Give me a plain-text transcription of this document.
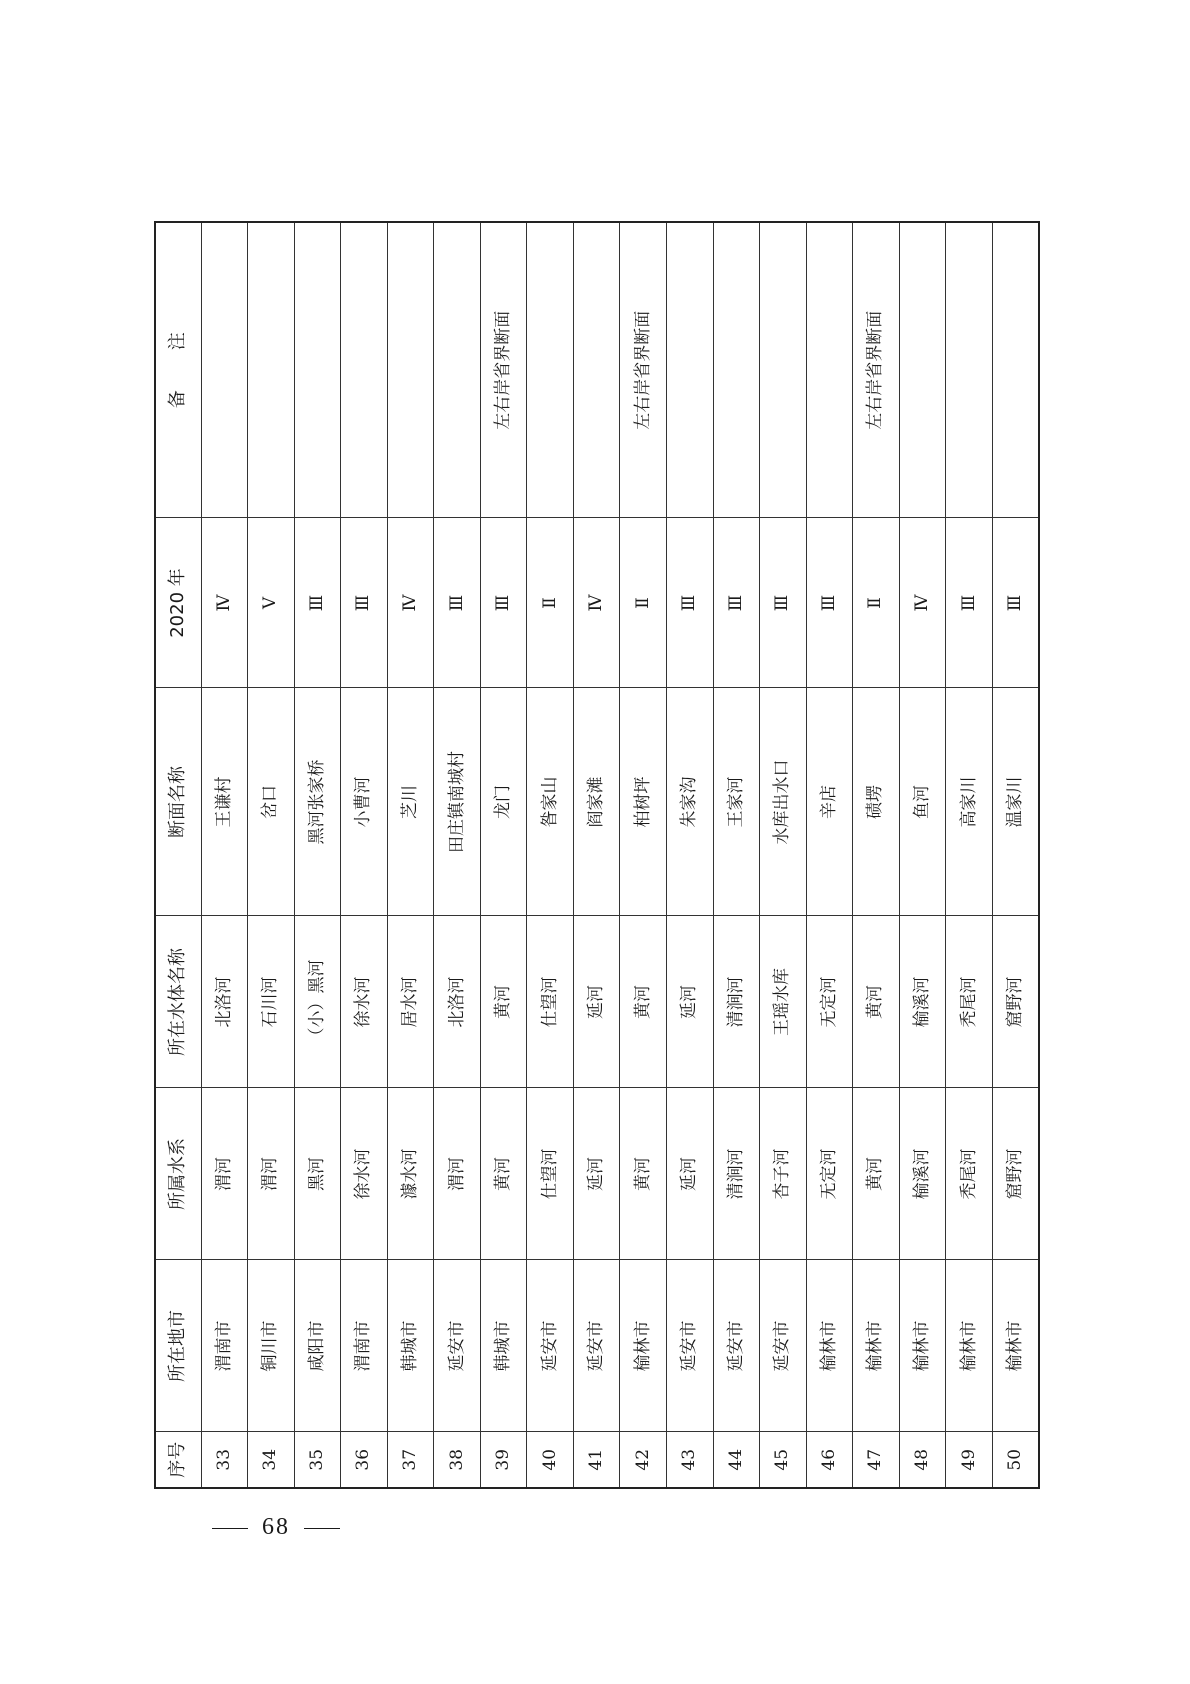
序号	所在地市	所属水系	所在水体名称	断面名称	2020 年	备注
33	渭南市	渭河	北洛河	王谦村	Ⅳ	
34	铜川市	渭河	石川河	岔口	Ⅴ	
35	咸阳市	黑河	（小）黑河	黑河张家桥	Ⅲ	
36	渭南市	徐水河	徐水河	小曹河	Ⅲ	
37	韩城市	澽水河	居水河	芝川	Ⅳ	
38	延安市	渭河	北洛河	田庄镇南城村	Ⅲ	
39	韩城市	黄河	黄河	龙门	Ⅲ	左右岸省界断面
40	延安市	仕望河	仕望河	昝家山	Ⅱ	
41	延安市	延河	延河	阎家滩	Ⅳ	
42	榆林市	黄河	黄河	柏树坪	Ⅱ	左右岸省界断面
43	延安市	延河	延河	朱家沟	Ⅲ	
44	延安市	清涧河	清涧河	王家河	Ⅲ	
45	延安市	杏子河	王瑶水库	水库出水口	Ⅲ	
46	榆林市	无定河	无定河	辛店	Ⅲ	
47	榆林市	黄河	黄河	碛塄	Ⅱ	左右岸省界断面
48	榆林市	榆溪河	榆溪河	鱼河	Ⅳ	
49	榆林市	秃尾河	秃尾河	高家川	Ⅲ	
50	榆林市	窟野河	窟野河	温家川	Ⅲ	
68
